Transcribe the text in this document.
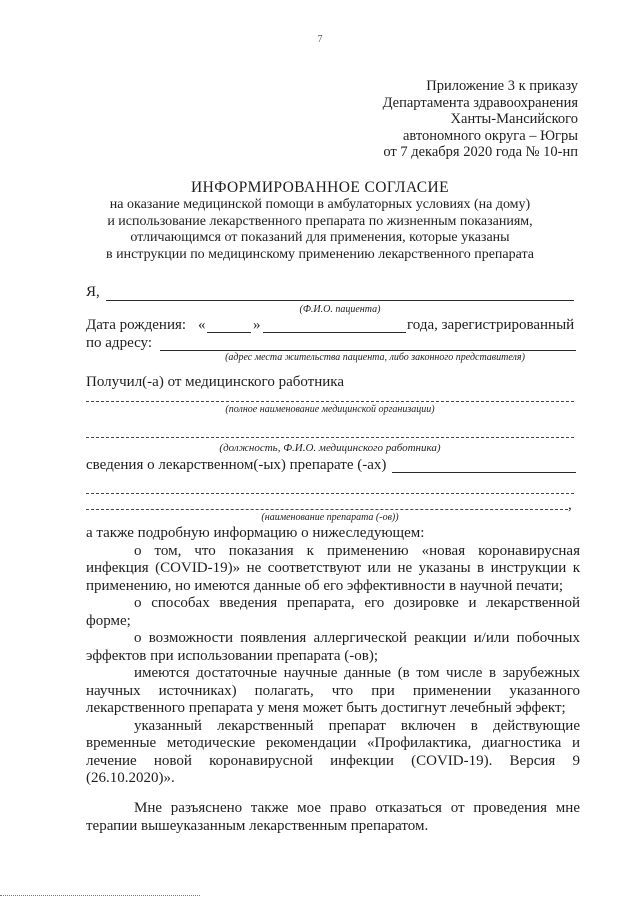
7
Приложение 3 к приказу
Департамента здравоохранения
Ханты-Мансийского
автономного округа – Югры
от 7 декабря 2020 года № 10-нп
ИНФОРМИРОВАННОЕ СОГЛАСИЕ
на оказание медицинской помощи в амбулаторных условиях (на дому)
и использование лекарственного препарата по жизненным показаниям,
отличающимся от показаний для применения, которые указаны
в инструкции по медицинскому применению лекарственного препарата
Я,
(Ф.И.О. пациента)
Дата рождения: «	»	года, зарегистрированный
по адресу:
(адрес места жительства пациента, либо законного представителя)
Получил(-а) от медицинского работника
(полное наименование медицинской организации)
(должность, Ф.И.О. медицинского работника)
сведения о лекарственном(-ых) препарате (-ах)
,
(наименование препарата (-ов))

а также подробную информацию о нижеследующем:

о том, что показания к применению «новая коронавирусная инфекция (COVID-19)» не соответствуют или не указаны в инструкции к применению, но имеются данные об его эффективности в научной печати;

о способах введения препарата, его дозировке и лекарственной форме;

о возможности появления аллергической реакции и/или побочных эффектов при использовании препарата (-ов);

имеются достаточные научные данные (в том числе в зарубежных научных источниках) полагать, что при применении указанного лекарственного препарата у меня может быть достигнут лечебный эффект;

указанный лекарственный препарат включен в действующие временные методические рекомендации «Профилактика, диагностика и лечение новой коронавирусной инфекции (COVID-19). Версия 9 (26.10.2020)».

Мне разъяснено также мое право отказаться от проведения мне терапии вышеуказанным лекарственным препаратом.
